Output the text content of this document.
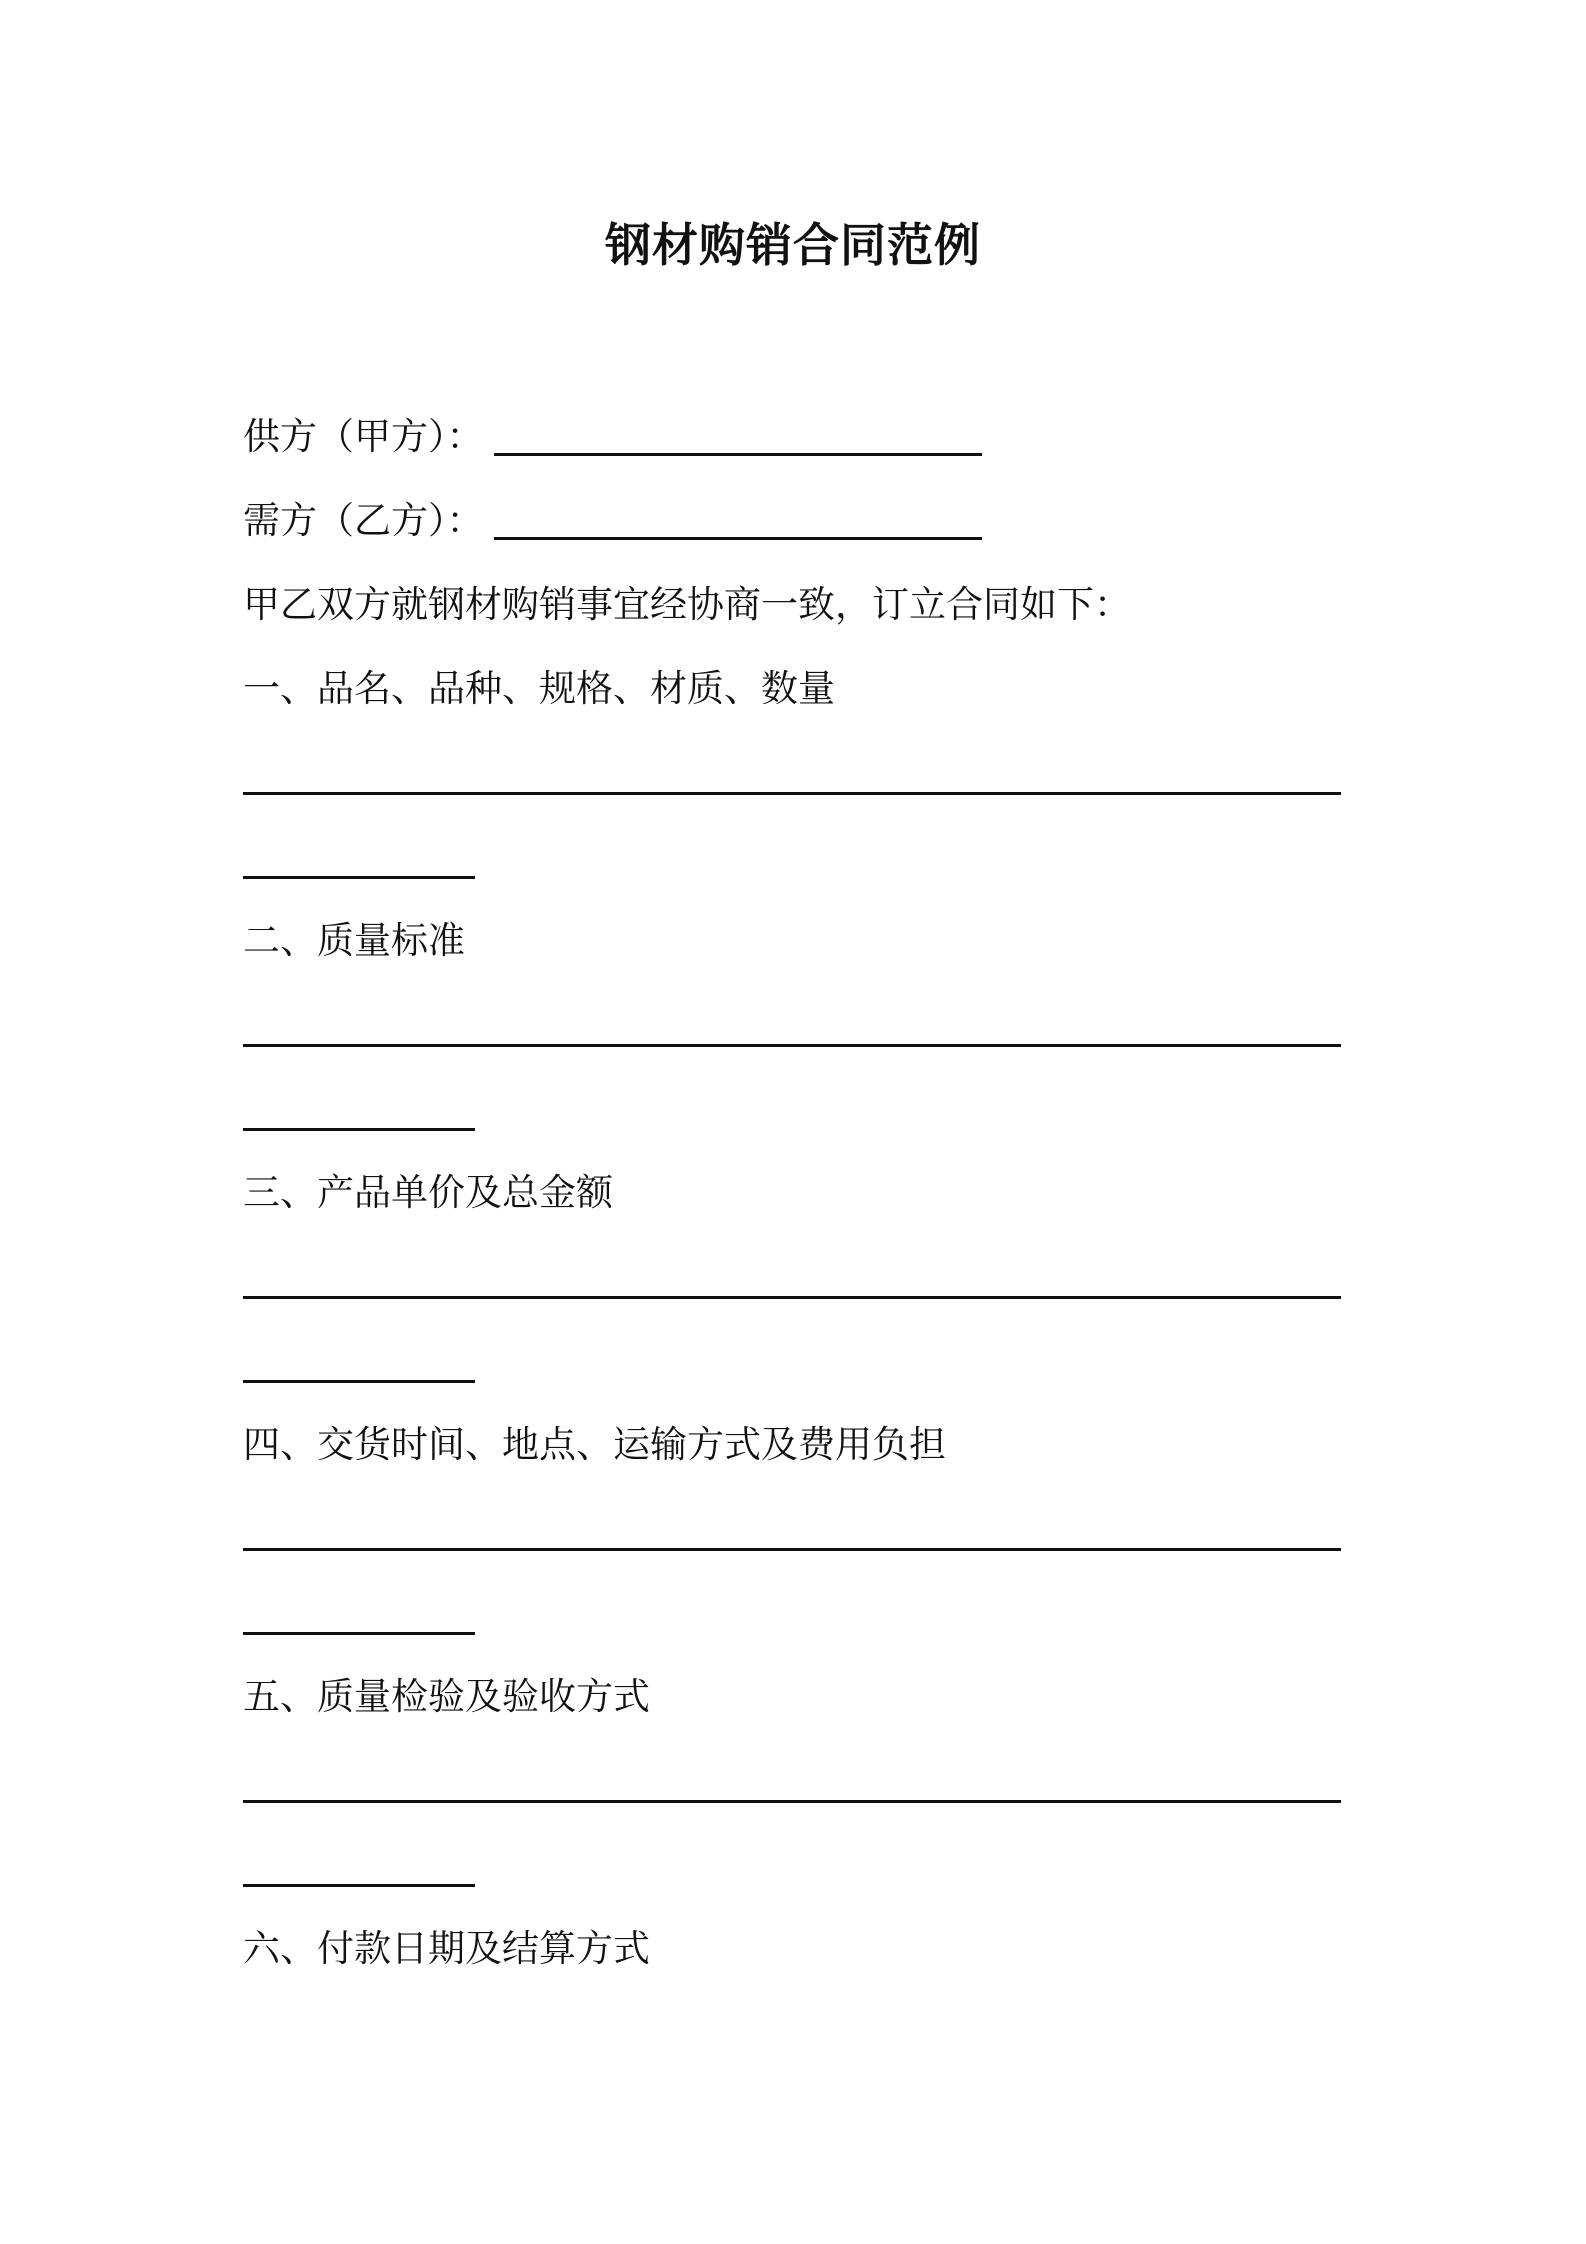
钢材购销合同范例
供方（甲方）：
需方（乙方）：
甲乙双方就钢材购销事宜经协商一致，订立合同如下：
一、品名、品种、规格、材质、数量
二、质量标准
三、产品单价及总金额
四、交货时间、地点、运输方式及费用负担
五、质量检验及验收方式
六、付款日期及结算方式
